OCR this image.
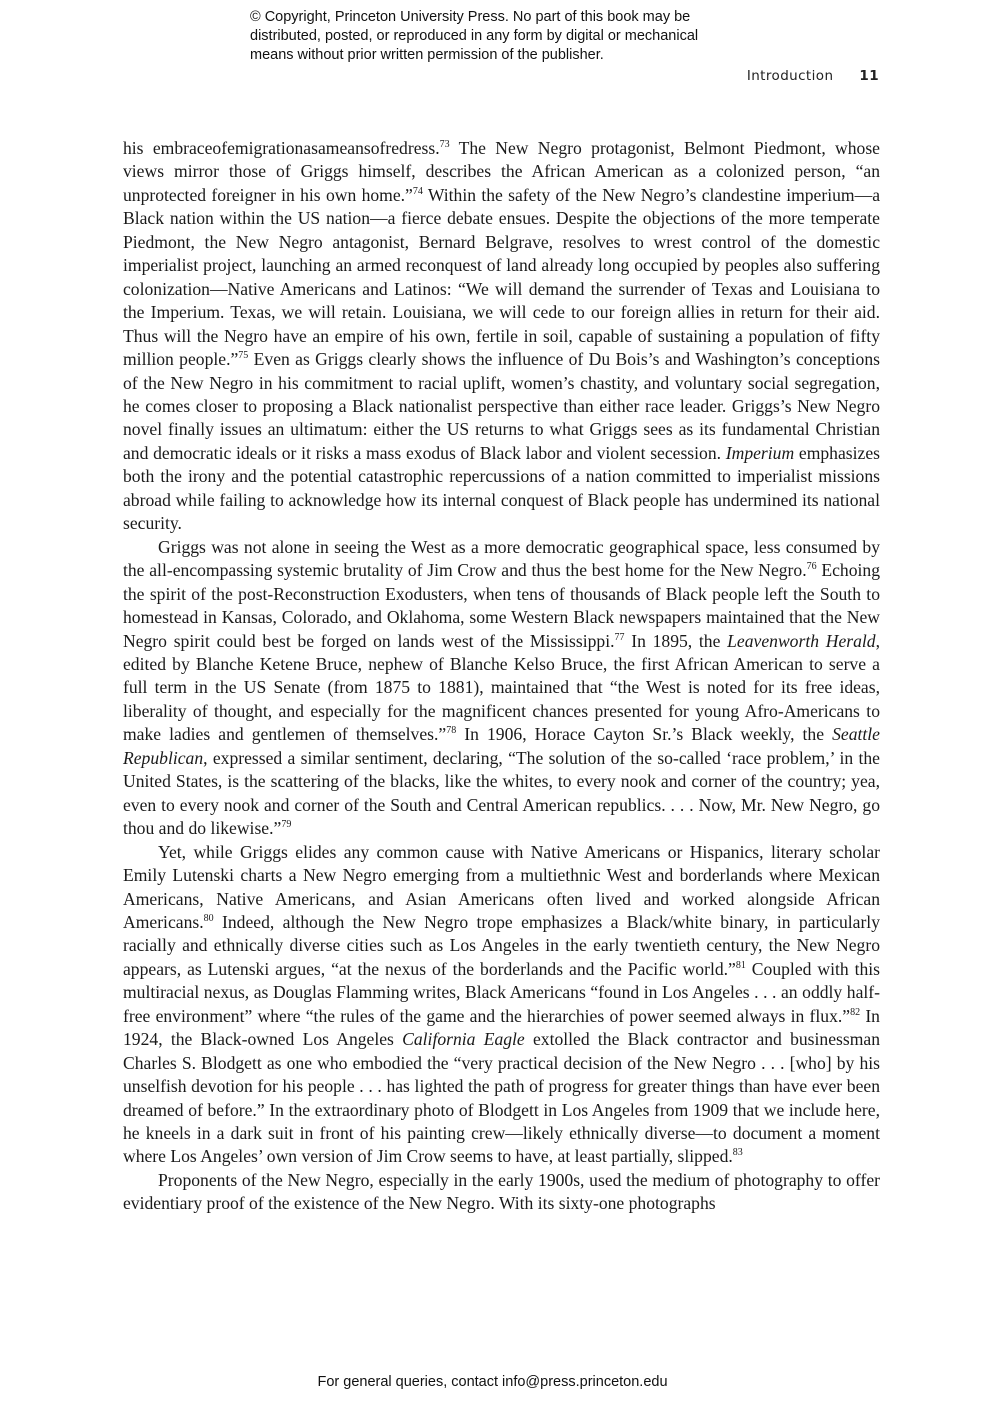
© Copyright, Princeton University Press. No part of this book may be
distributed, posted, or reproduced in any form by digital or mechanical
means without prior written permission of the publisher.
Introduction 11

his embraceofemigrationasameansofredress.$^{73}$ The New Negro protagonist, Belmont Piedmont, whose views mirror those of Griggs himself, describes the African American as a colonized person, “an unprotected foreigner in his own home.”$^{74}$ Within the safety of the New Negro’s clandestine imperium—a Black nation within the US nation—a fierce debate ensues. Despite the objections of the more temperate Piedmont, the New Negro antagonist, Bernard Belgrave, resolves to wrest control of the domestic imperialist project, launching an armed reconquest of land already long occupied by peoples also suffering colonization—Native Americans and Latinos: “We will demand the surrender of Texas and Louisiana to the Imperium. Texas, we will retain. Louisiana, we will cede to our foreign allies in return for their aid. Thus will the Negro have an empire of his own, fertile in soil, capable of sustaining a population of fifty million people.”$^{75}$ Even as Griggs clearly shows the influence of Du Bois’s and Washington’s conceptions of the New Negro in his commitment to racial uplift, women’s chastity, and voluntary social segregation, he comes closer to proposing a Black nationalist perspective than either race leader. Griggs’s New Negro novel finally issues an ultimatum: either the US returns to what Griggs sees as its fundamental Christian and democratic ideals or it risks a mass exodus of Black labor and violent secession. Imperium emphasizes both the irony and the potential catastrophic repercussions of a nation committed to imperialist missions abroad while failing to acknowledge how its internal conquest of Black people has undermined its national security.

Griggs was not alone in seeing the West as a more democratic geographical space, less consumed by the all-encompassing systemic brutality of Jim Crow and thus the best home for the New Negro.$^{76}$ Echoing the spirit of the post-Reconstruction Exodusters, when tens of thousands of Black people left the South to homestead in Kansas, Colorado, and Oklahoma, some Western Black newspapers maintained that the New Negro spirit could best be forged on lands west of the Mississippi.$^{77}$ In 1895, the Leavenworth Herald, edited by Blanche Ketene Bruce, nephew of Blanche Kelso Bruce, the first African American to serve a full term in the US Senate (from 1875 to 1881), maintained that “the West is noted for its free ideas, liberality of thought, and especially for the magnificent chances presented for young Afro-Americans to make ladies and gentlemen of themselves.”$^{78}$ In 1906, Horace Cayton Sr.’s Black weekly, the Seattle Republican, expressed a similar sentiment, declaring, “The solution of the so-called ‘race problem,’ in the United States, is the scattering of the blacks, like the whites, to every nook and corner of the country; yea, even to every nook and corner of the South and Central American republics. . . . Now, Mr. New Negro, go thou and do likewise.”$^{79}$

Yet, while Griggs elides any common cause with Native Americans or Hispanics, literary scholar Emily Lutenski charts a New Negro emerging from a multiethnic West and borderlands where Mexican Americans, Native Americans, and Asian Americans often lived and worked alongside African Americans.$^{80}$ Indeed, although the New Negro trope emphasizes a Black/white binary, in particularly racially and ethnically diverse cities such as Los Angeles in the early twentieth century, the New Negro appears, as Lutenski argues, “at the nexus of the borderlands and the Pacific world.”$^{81}$ Coupled with this multiracial nexus, as Douglas Flamming writes, Black Americans “found in Los Angeles . . . an oddly half-free environment” where “the rules of the game and the hierarchies of power seemed always in flux.”$^{82}$ In 1924, the Black-owned Los Angeles California Eagle extolled the Black contractor and businessman Charles S. Blodgett as one who embodied the “very practical decision of the New Negro . . . [who] by his unselfish devotion for his people . . . has lighted the path of progress for greater things than have ever been dreamed of before.” In the extraordinary photo of Blodgett in Los Angeles from 1909 that we include here, he kneels in a dark suit in front of his painting crew—likely ethnically diverse—to document a moment where Los Angeles’ own version of Jim Crow seems to have, at least partially, slipped.$^{83}$

Proponents of the New Negro, especially in the early 1900s, used the medium of photography to offer evidentiary proof of the existence of the New Negro. With its sixty-one photographs

For general queries, contact info@press.princeton.edu
